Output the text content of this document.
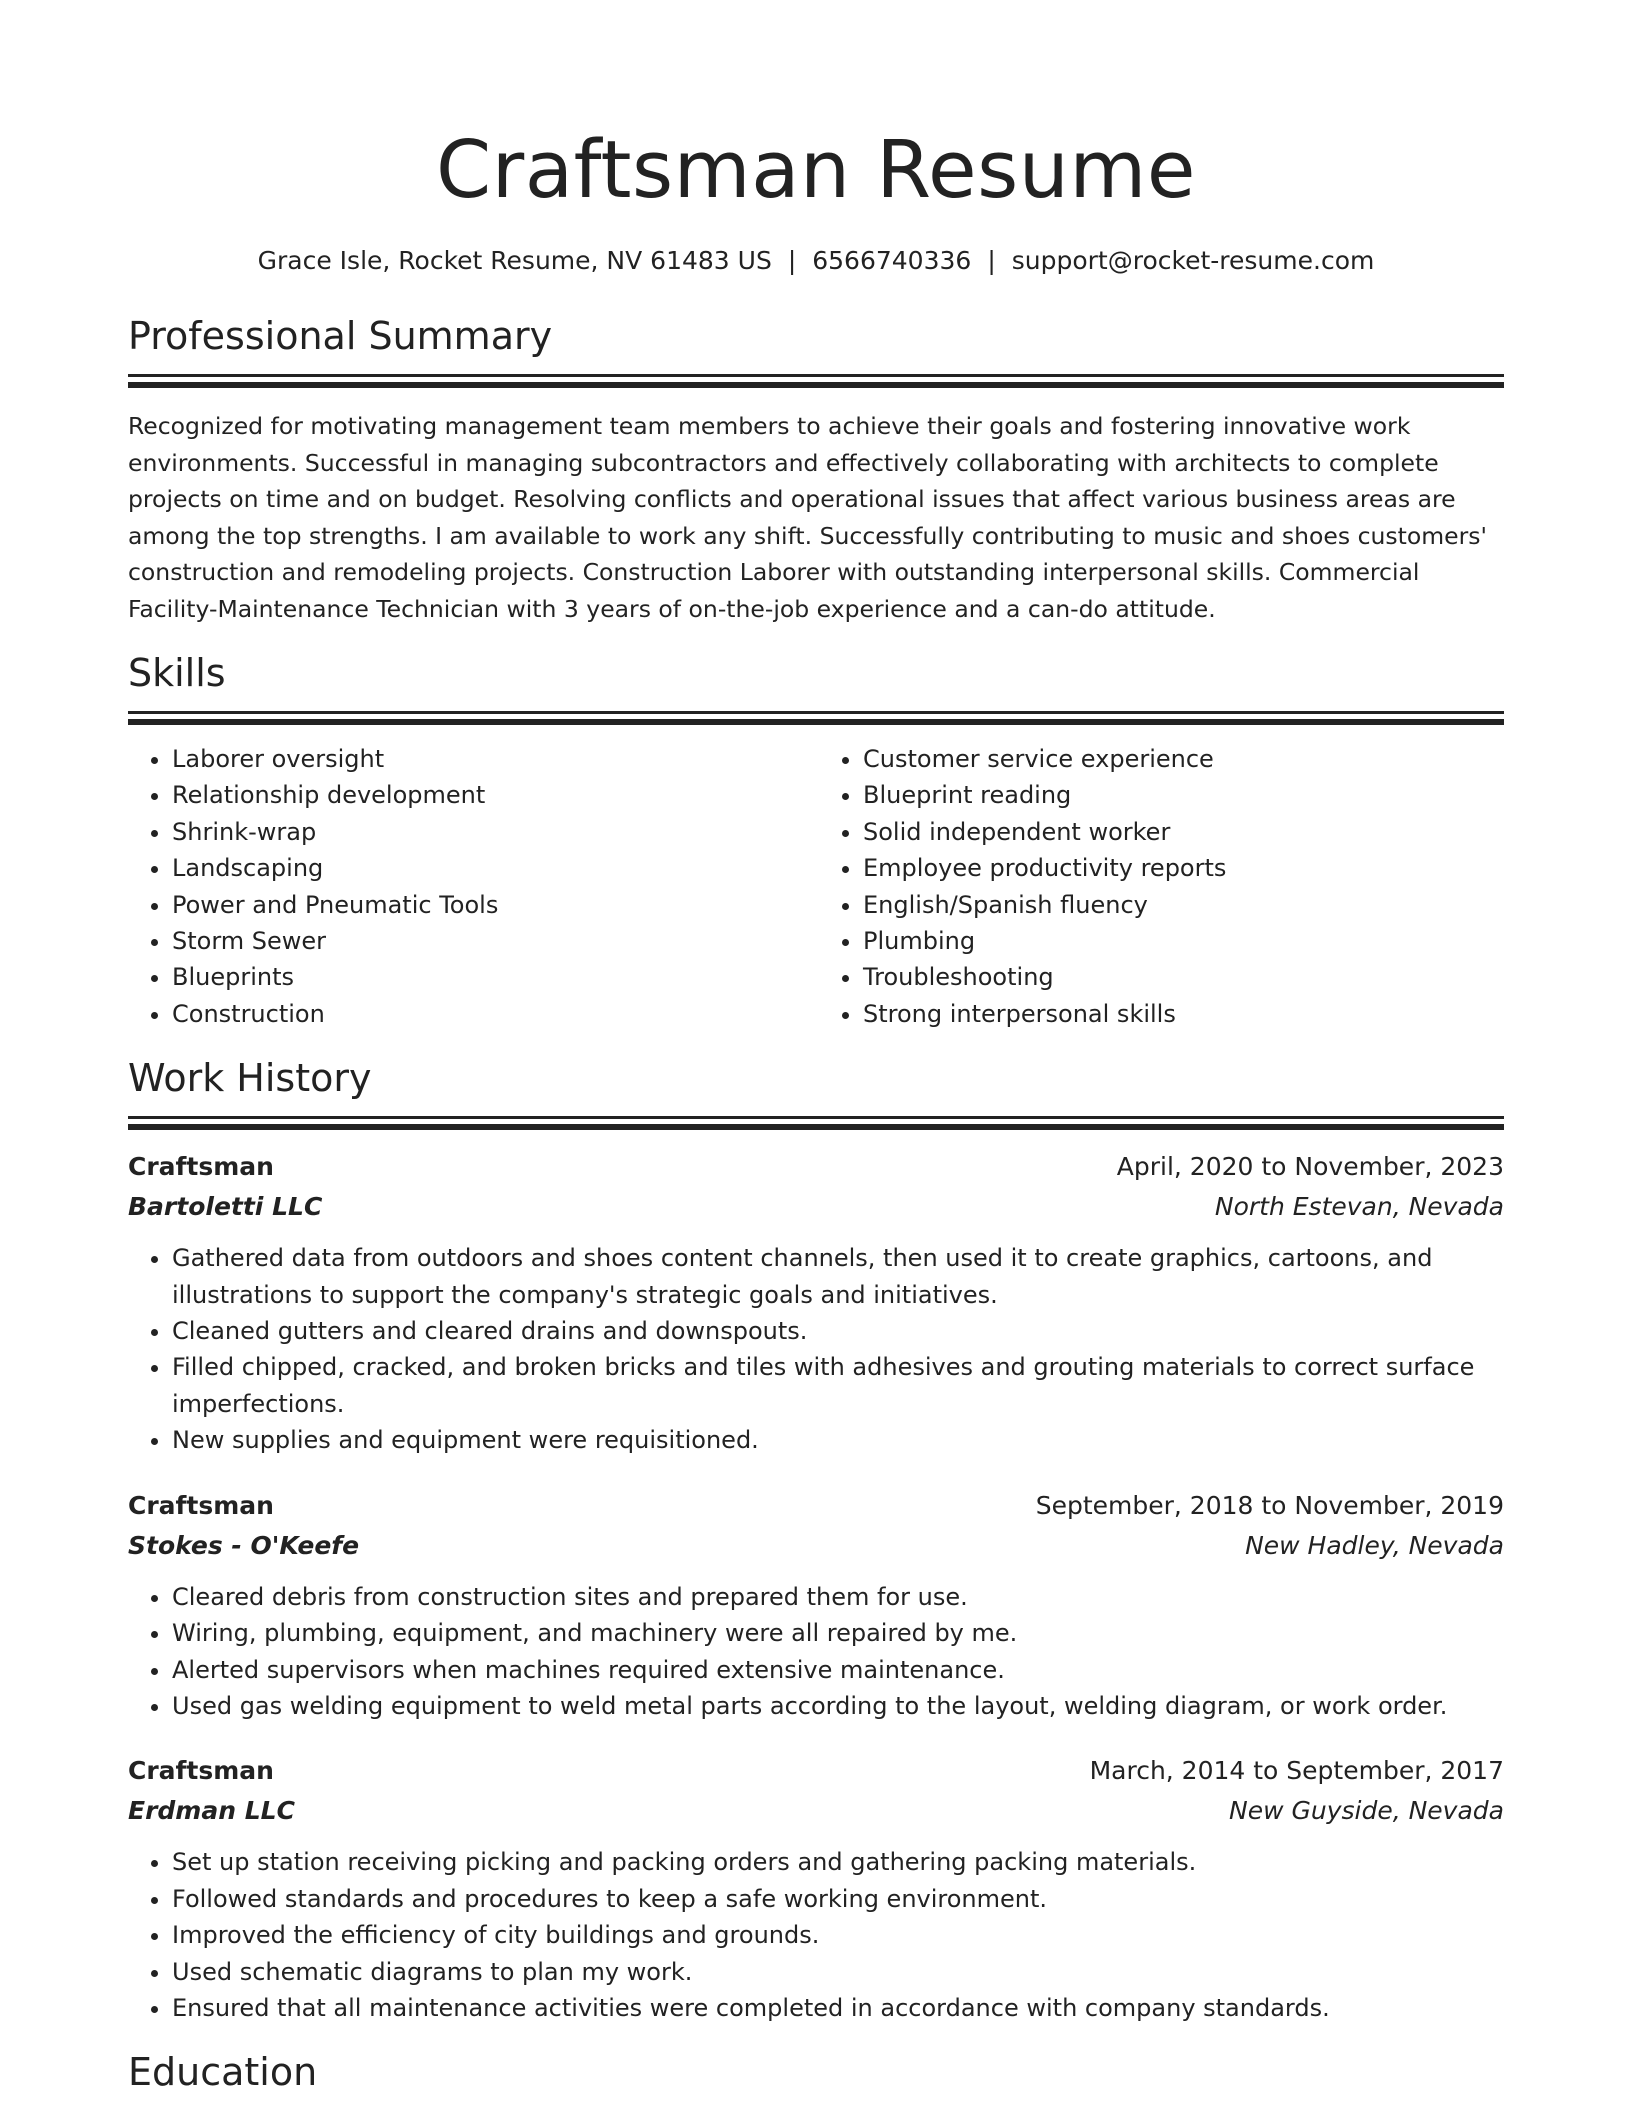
Craftsman Resume
Grace Isle, Rocket Resume, NV 61483 US | 6566740336 | support@rocket-resume.com
Professional Summary

Recognized for motivating management team members to achieve their goals and fostering innovative work environments. Successful in managing subcontractors and effectively collaborating with architects to complete projects on time and on budget. Resolving conflicts and operational issues that affect various business areas are among the top strengths. I am available to work any shift. Successfully contributing to music and shoes customers' construction and remodeling projects. Construction Laborer with outstanding interpersonal skills. Commercial Facility-Maintenance Technician with 3 years of on-the-job experience and a can-do attitude.

Skills
• Laborer oversight
• Relationship development
• Shrink-wrap
• Landscaping
• Power and Pneumatic Tools
• Storm Sewer
• Blueprints
• Construction
• Customer service experience
• Blueprint reading
• Solid independent worker
• Employee productivity reports
• English/Spanish fluency
• Plumbing
• Troubleshooting
• Strong interpersonal skills
Work History
Craftsman	April, 2020 to November, 2023
Bartoletti LLC	North Estevan, Nevada
• Gathered data from outdoors and shoes content channels, then used it to create graphics, cartoons, and illustrations to support the company's strategic goals and initiatives.
• Cleaned gutters and cleared drains and downspouts.
• Filled chipped, cracked, and broken bricks and tiles with adhesives and grouting materials to correct surface imperfections.
• New supplies and equipment were requisitioned.
Craftsman	September, 2018 to November, 2019
Stokes - O'Keefe	New Hadley, Nevada
• Cleared debris from construction sites and prepared them for use.
• Wiring, plumbing, equipment, and machinery were all repaired by me.
• Alerted supervisors when machines required extensive maintenance.
• Used gas welding equipment to weld metal parts according to the layout, welding diagram, or work order.
Craftsman	March, 2014 to September, 2017
Erdman LLC	New Guyside, Nevada
• Set up station receiving picking and packing orders and gathering packing materials.
• Followed standards and procedures to keep a safe working environment.
• Improved the efficiency of city buildings and grounds.
• Used schematic diagrams to plan my work.
• Ensured that all maintenance activities were completed in accordance with company standards.
Education
